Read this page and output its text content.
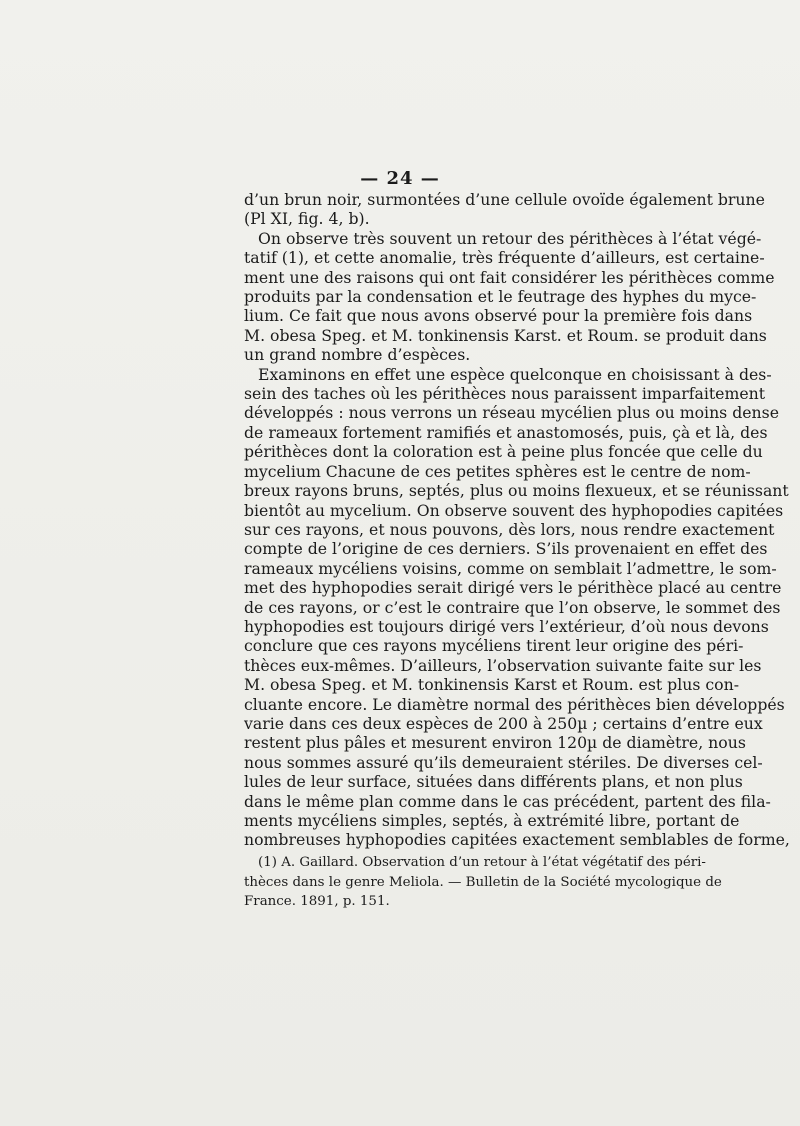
— 24 —

d’un brun noir, surmontées d’une cellule ovoïde également brune

(Pl XI, fig. 4, b).

On observe très souvent un retour des périthèces à l’état végé-

tatif (1), et cette anomalie, très fréquente d’ailleurs, est certaine-

ment une des raisons qui ont fait considérer les périthèces comme

produits par la condensation et le feutrage des hyphes du myce-

lium. Ce fait que nous avons observé pour la première fois dans

M. obesa Speg. et M. tonkinensis Karst. et Roum. se produit dans

un grand nombre d’espèces.

Examinons en effet une espèce quelconque en choisissant à des-

sein des taches où les périthèces nous paraissent imparfaitement

développés : nous verrons un réseau mycélien plus ou moins dense

de rameaux fortement ramifiés et anastomosés, puis, çà et là, des

périthèces dont la coloration est à peine plus foncée que celle du

mycelium Chacune de ces petites sphères est le centre de nom-

breux rayons bruns, septés, plus ou moins flexueux, et se réunissant

bientôt au mycelium. On observe souvent des hyphopodies capitées

sur ces rayons, et nous pouvons, dès lors, nous rendre exactement

compte de l’origine de ces derniers. S’ils provenaient en effet des

rameaux mycéliens voisins, comme on semblait l’admettre, le som-

met des hyphopodies serait dirigé vers le périthèce placé au centre

de ces rayons, or c’est le contraire que l’on observe, le sommet des

hyphopodies est toujours dirigé vers l’extérieur, d’où nous devons

conclure que ces rayons mycéliens tirent leur origine des péri-

thèces eux-mêmes. D’ailleurs, l’observation suivante faite sur les

M. obesa Speg. et M. tonkinensis Karst et Roum. est plus con-

cluante encore. Le diamètre normal des périthèces bien développés

varie dans ces deux espèces de 200 à 250µ ; certains d’entre eux

restent plus pâles et mesurent environ 120µ de diamètre, nous

nous sommes assuré qu’ils demeuraient stériles. De diverses cel-

lules de leur surface, situées dans différents plans, et non plus

dans le même plan comme dans le cas précédent, partent des fila-

ments mycéliens simples, septés, à extrémité libre, portant de

nombreuses hyphopodies capitées exactement semblables de forme,

(1) A. Gaillard. Observation d’un retour à l’état végétatif des péri-

thèces dans le genre Meliola. — Bulletin de la Société mycologique de

France. 1891, p. 151.
